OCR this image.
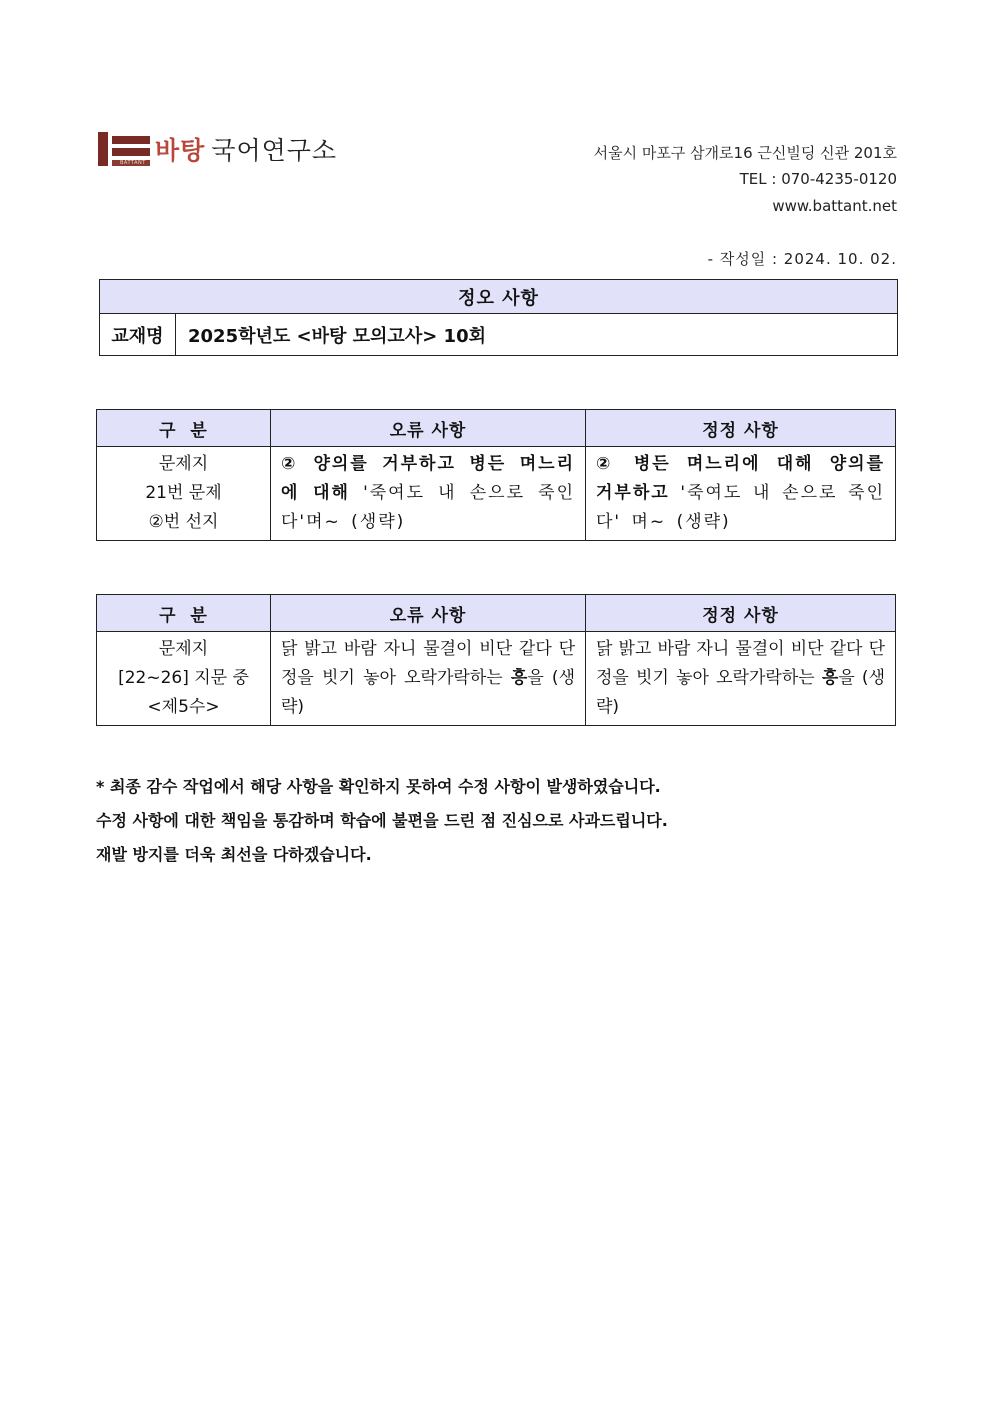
BATTANT 바탕 국어연구소	서울시 마포구 삼개로16 근신빌딩 신관 201호
TEL : 070-4235-0120
www.battant.net
- 작성일 : 2024. 10. 02.
정오 사항
교재명	2025학년도 <바탕 모의고사> 10회
구  분	오류 사항	정정 사항

문제지
21번 문제
②번 선지	② 양의를 거부하고 병든 며느리에 대해 '죽여도 내 손으로 죽인다'며~ (생략)	② 병든 며느리에 대해 양의를 거부하고 '죽여도 내 손으로 죽인다' 며~ (생략)
구  분	오류 사항	정정 사항

문제지
[22~26] 지문 중
<제5수>	닭 밝고 바람 자니 물결이 비단 같다 단정을 빗기 놓아 오락가락하는 흥을 (생략)	닭 밝고 바람 자니 물결이 비단 같다 단정을 빗기 놓아 오락가락하는 흥을 (생략)
* 최종 감수 작업에서 해당 사항을 확인하지 못하여 수정 사항이 발생하였습니다.
수정 사항에 대한 책임을 통감하며 학습에 불편을 드린 점 진심으로 사과드립니다.
재발 방지를 더욱 최선을 다하겠습니다.
